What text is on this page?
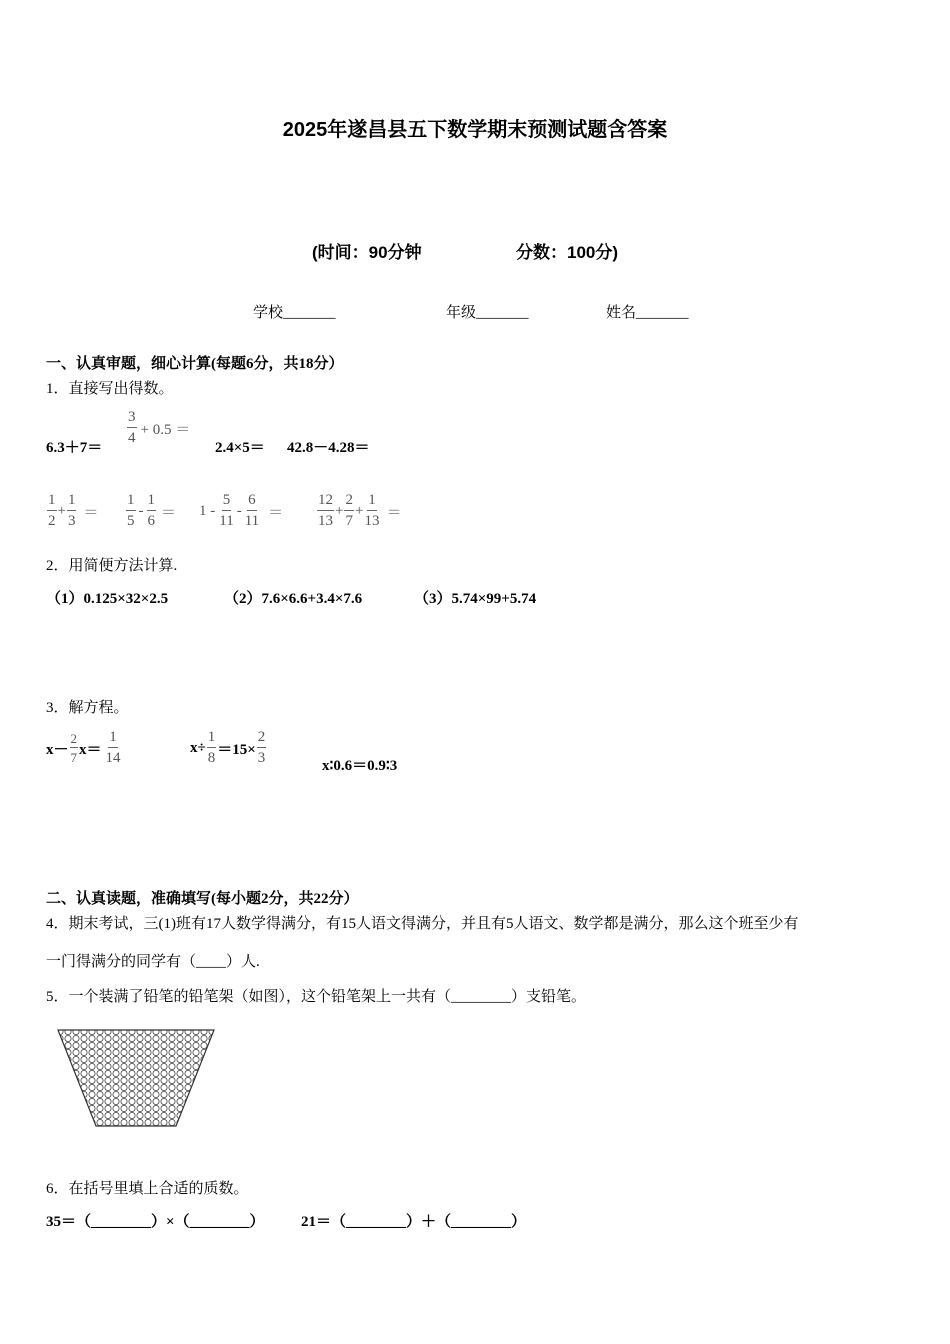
2025年遂昌县五下数学期末预测试题含答案
(时间：90分钟	分数：100分)
学校_______	年级_______	姓名_______
一、认真审题，细心计算(每题6分，共18分）
1．直接写出得数。
6.3＋7＝
$\frac{3}{4} + 0.5$ ＝
2.4×5＝ 42.8－4.28＝
$\frac{1}{2} + \frac{1}{3} = \frac{1}{5} - \frac{1}{6} = 1 - \frac{5}{11} - \frac{6}{11} = \frac{12}{13} + \frac{2}{7} + \frac{1}{13}$ ＝
2．用简便方法计算.
（1）0.125×32×2.5	（2）7.6×6.6+3.4×7.6	（3）5.74×99+5.74
3．解方程。
$x- \frac{2}{7} x= \frac{1}{14}$	$x\div \frac{1}{8} =15\times \frac{2}{3}$	x∶0.6＝0.9∶3
二、认真读题，准确填写(每小题2分，共22分）
4．期末考试，三(1)班有17人数学得满分，有15人语文得满分，并且有5人语文、数学都是满分，那么这个班至少有
一门得满分的同学有（____）人.
5．一个装满了铅笔的铅笔架（如图），这个铅笔架上一共有（________）支铅笔。
6．在括号里填上合适的质数。
35＝（________）×（________） 21＝（________）＋（________）
